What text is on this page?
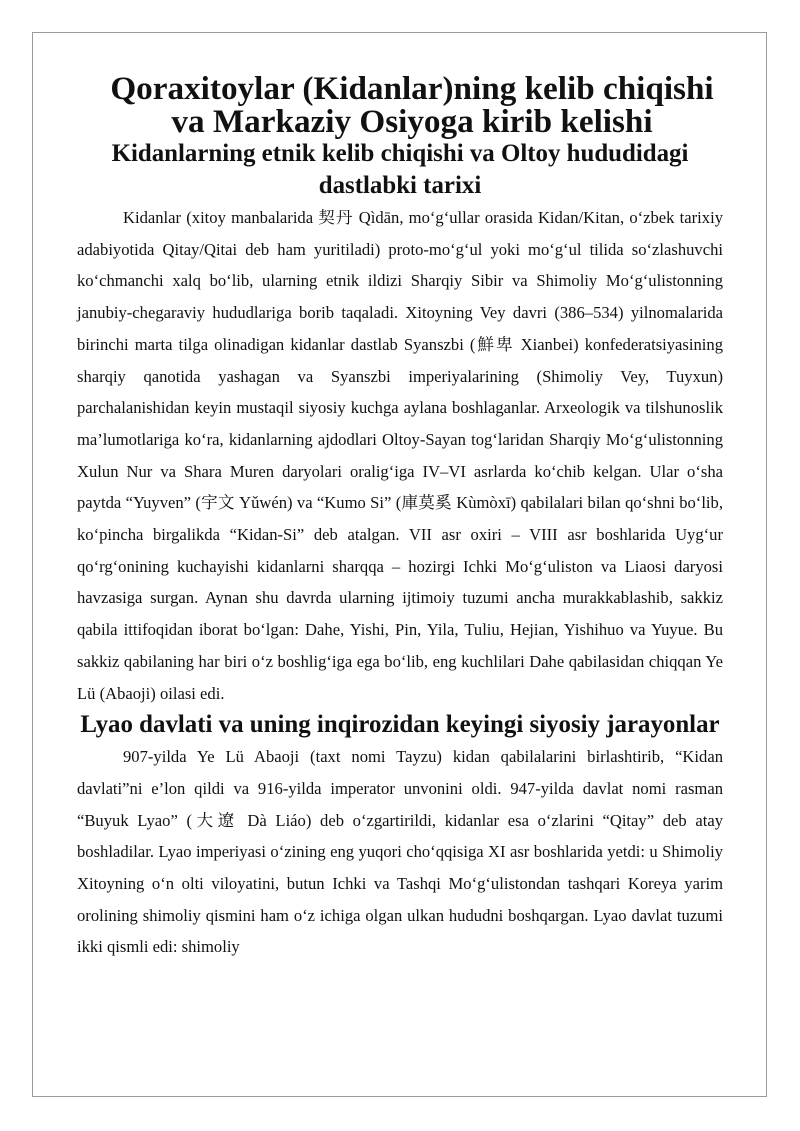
Qoraxitoylar (Kidanlar)ning kelib chiqishi va Markaziy Osiyoga kirib kelishi
Kidanlarning etnik kelib chiqishi va Oltoy hududidagi dastlabki tarixi

Kidanlar (xitoy manbalarida 契丹 Qìdān, mo‘g‘ullar orasida Kidan/Kitan, o‘zbek tarixiy adabiyotida Qitay/Qitai deb ham yuritiladi) proto-mo‘g‘ul yoki mo‘g‘ul tilida so‘zlashuvchi ko‘chmanchi xalq bo‘lib, ularning etnik ildizi Sharqiy Sibir va Shimoliy Mo‘g‘ulistonning janubiy-chegaraviy hududlariga borib taqaladi. Xitoyning Vey davri (386–534) yilnomalarida birinchi marta tilga olinadigan kidanlar dastlab Syanszbi (鮮卑 Xianbei) konfederatsiyasining sharqiy qanotida yashagan va Syanszbi imperiyalarining (Shimoliy Vey, Tuyxun) parchalanishidan keyin mustaqil siyosiy kuchga aylana boshlaganlar. Arxeologik va tilshunoslik ma’lumotlariga ko‘ra, kidanlarning ajdodlari Oltoy-Sayan tog‘laridan Sharqiy Mo‘g‘ulistonning Xulun Nur va Shara Muren daryolari oralig‘iga IV–VI asrlarda ko‘chib kelgan. Ular o‘sha paytda “Yuyven” (宇文 Yǔwén) va “Kumo Si” (庫莫奚 Kùmòxī) qabilalari bilan qo‘shni bo‘lib, ko‘pincha birgalikda “Kidan-Si” deb atalgan. VII asr oxiri – VIII asr boshlarida Uyg‘ur qo‘rg‘onining kuchayishi kidanlarni sharqqa – hozirgi Ichki Mo‘g‘uliston va Liaosi daryosi havzasiga surgan. Aynan shu davrda ularning ijtimoiy tuzumi ancha murakkablashib, sakkiz qabila ittifoqidan iborat bo‘lgan: Dahe, Yishi, Pin, Yila, Tuliu, Hejian, Yishihuo va Yuyue. Bu sakkiz qabilaning har biri o‘z boshlig‘iga ega bo‘lib, eng kuchlilari Dahe qabilasidan chiqqan Ye Lü (Abaoji) oilasi edi.

Lyao davlati va uning inqirozidan keyingi siyosiy jarayonlar

907-yilda Ye Lü Abaoji (taxt nomi Tayzu) kidan qabilalarini birlashtirib, “Kidan davlati”ni e’lon qildi va 916-yilda imperator unvonini oldi. 947-yilda davlat nomi rasman “Buyuk Lyao” (大遼 Dà Liáo) deb o‘zgartirildi, kidanlar esa o‘zlarini “Qitay” deb atay boshladilar. Lyao imperiyasi o‘zining eng yuqori cho‘qqisiga XI asr boshlarida yetdi: u Shimoliy Xitoyning o‘n olti viloyatini, butun Ichki va Tashqi Mo‘g‘ulistondan tashqari Koreya yarim orolining shimoliy qismini ham o‘z ichiga olgan ulkan hududni boshqargan. Lyao davlat tuzumi ikki qismli edi: shimoliy
